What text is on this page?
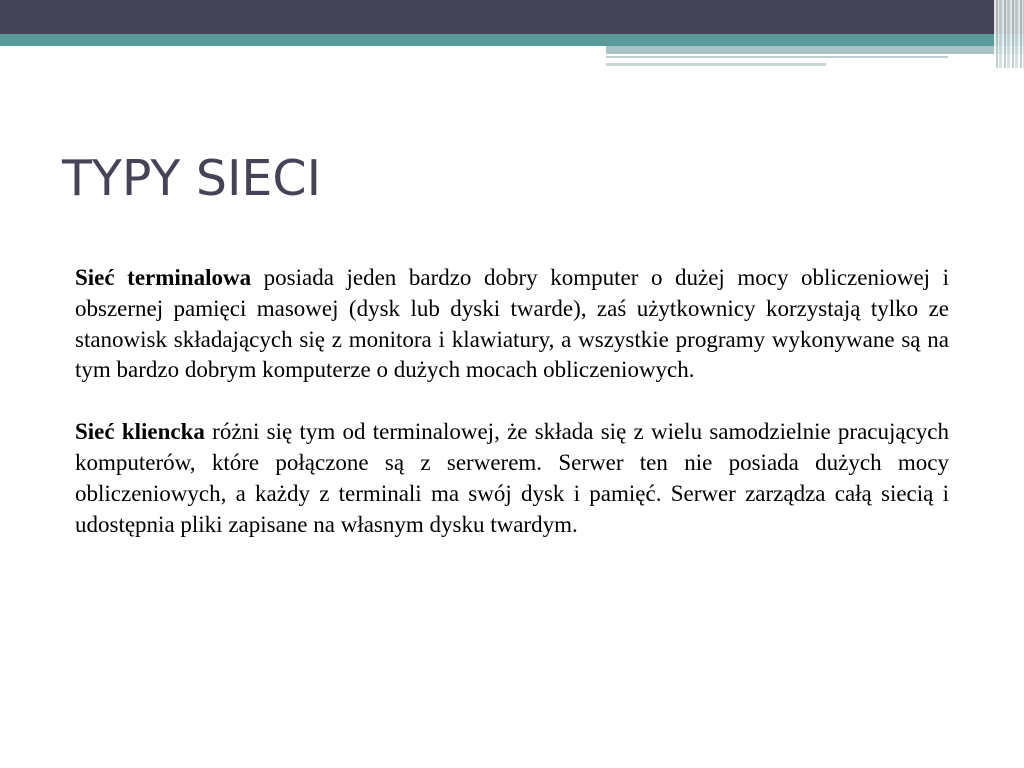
TYPY SIECI

Sieć terminalowa posiada jeden bardzo dobry komputer o dużej mocy obliczeniowej i obszernej pamięci masowej (dysk lub dyski twarde), zaś użytkownicy korzystają tylko ze stanowisk składających się z monitora i klawiatury, a wszystkie programy wykonywane są na tym bardzo dobrym komputerze o dużych mocach obliczeniowych.

Sieć kliencka różni się tym od terminalowej, że składa się z wielu samodzielnie pracujących komputerów, które połączone są z serwerem. Serwer ten nie posiada dużych mocy obliczeniowych, a każdy z terminali ma swój dysk i pamięć. Serwer zarządza całą siecią i udostępnia pliki zapisane na własnym dysku twardym.
